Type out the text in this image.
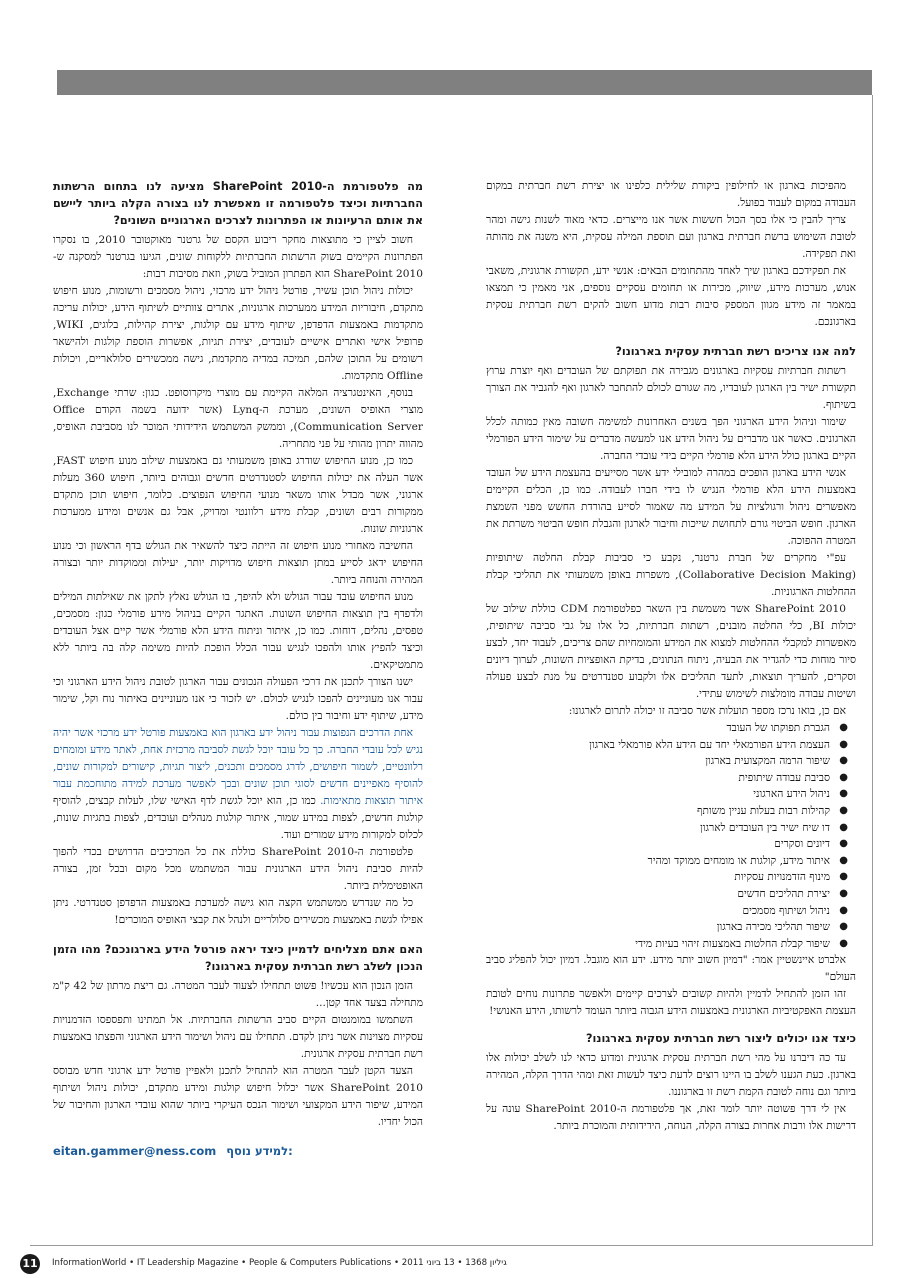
מהפיכות בארגון או לחילופין ביקורת שלילית כלפינו או יצירת רשת חברתית במקום העבודה במקום לעבוד בפועל.

צריך להבין כי אלו בסך הכול חששות אשר אנו מייצרים. כדאי מאוד לשנות גישה ומהר לטובת השימוש ברשת חברתית בארגון ועם תוספת המילה עסקית, היא משנה את מהותה ואת תפקידה.

את תפקידכם בארגון שיך לאחד מהתחומים הבאים: אנשי ידע, תקשורת ארגונית, משאבי אנוש, מערכות מידע, שיווק, מכירות או תחומים עסקיים נוספים, אני מאמין כי תמצאו במאמר זה מידע מגוון המספק סיבות רבות מדוע חשוב להקים רשת חברתית עסקית בארגונכם.

למה אנו צריכים רשת חברתית עסקית בארגונו?

רשתות חברתיות עסקיות בארגונים מגבירה את תפוקתם של העובדים ואף יוצרת ערוץ תקשורת ישיר בין הארגון לעובדיו, מה שגורם לכולם להתחבר לארגון ואף להגביר את הצורך בשיתוף.

שימור וניהול הידע הארגוני הפך בשנים האחרונות למשימה חשובה מאין כמותה לכלל הארגונים. כאשר אנו מדברים על ניהול הידע אנו למעשה מדברים על שימור הידע הפורמלי הקיים בארגון כולל הידע הלא פורמלי הקיים בידי עובדי החברה.

אנשי הידע בארגון הופכים במהרה למובילי ידע אשר מסייעים בהעצמת הידע של העובד באמצעות הידע הלא פורמלי הנגיש לו בידי חברו לעבודה. כמו כן, הכלים הקיימים מאפשרים ניהול ורגולציות על המידע מה שאמור לסייע בהורדת החשש מפני השמצת הארגון. חופש הביטוי גורם לתחושת שייכות וחיבור לארגון והגבלת חופש הביטוי משרתת את המטרה ההפוכה.

עפ"י מחקרים של חברת גרטנר, נקבע כי סביבות קבלת החלטה שיתופיות (Collaborative Decision Making), משפרות באופן משמעותי את תהליכי קבלת ההחלטות הארגוניות.

SharePoint 2010 אשר משמשת בין השאר כפלטפורמת CDM כוללת שילוב של יכולות BI, כלי החלטה מובנים, רשתות חברתיות, כל אלו על גבי סביבה שיתופית, מאפשרות למקבלי ההחלטות למצוא את המידע והמומחיות שהם צריכים, לעבוד יחד, לבצע סיור מוחות כדי להגדיר את הבעיה, ניתוח הנתונים, בדיקת האופציות השונות, לערוך דיונים וסקרים, להעריך תוצאות, לתעד תהליכים אלו ולקבוע סטנדרטים על מנת לבצע פעולה ושיטות עבודה מומלצות לשימוש עתידי.

אם כן, בואו נרכז מספר תועלות אשר סביבה זו יכולה לתרום לארגונו:

●
הגברת תפוקתו של העובד
●
העצמת הידע הפורמאלי יחד עם הידע הלא פורמאלי בארגון
●
שיפור הרמה המקצועית בארגון
●
סביבת עבודה שיתופית
●
ניהול הידע הארגוני
●
קהילות רבות בעלות עניין משותף
●
דו שיח ישיר בין העובדים לארגון
●
דיונים וסקרים
●
איתור מידע, קולגות או מומחים ממוקד ומהיר
●
מינוף הזדמנויות עסקיות
●
יצירת תהליכים חדשים
●
ניהול ושיתוף מסמכים
●
שיפור תהליכי מכירה בארגון
●
שיפור קבלת החלטות באמצעות זיהוי בעיות מידי

אלברט איינשטיין אמר: "דמיון חשוב יותר מידע. ידע הוא מוגבל. דמיון יכול להפליג סביב העולם"

זהו הזמן להתחיל לדמיין ולהיות קשובים לצרכים קיימים ולאפשר פתרונות נוחים לטובת העצמת האפקטיביות הארגונית באמצעות הידע הגבוה ביותר העומד לרשותו, הידע האנושי!

כיצד אנו יכולים ליצור רשת חברתית עסקית בארגונו?

עד כה דיברנו על מהי רשת חברתית עסקית ארגונית ומדוע כדאי לנו לשלב יכולות אלו בארגון. כעת הגענו לשלב בו היינו רוצים לדעת כיצד לעשות זאת ומהי הדרך הקלה, המהירה ביותר וגם נוחה לטובת הקמת רשת זו בארגוננו.

אין לי דרך פשוטה יותר לומר זאת, אך פלטפורמת ה-SharePoint 2010 עונה על דרישות אלו ורבות אחרות בצורה הקלה, הנוחה, הידידותית והמוכרת ביותר.

מה פלטפורמת ה-SharePoint 2010 מציעה לנו בתחום הרשתות החברתיות וכיצד פלטפורמה זו מאפשרת לנו בצורה הקלה ביותר ליישם את אותם הרעיונות או הפתרונות לצרכים הארגוניים השונים?

חשוב לציין כי מתוצאות מחקר ריבוע הקסם של גרטנר מאוקטובר 2010, בו נסקרו הפתרונות הקיימים בשוק הרשתות החברתיות ללקוחות שונים, הגיעו בגרטנר למסקנה ש-SharePoint 2010 הוא הפתרון המוביל בשוק, וזאת מסיבות רבות:

יכולות ניהול תוכן עשיר, פורטל ניהול ידע מרכזי, ניהול מסמכים ורשומות, מנוע חיפוש מתקדם, חיבוריות המידע ממערכות ארגוניות, אתרים צוותיים לשיתוף הידע, יכולות עריכה מתקדמות באמצעות הדפדפן, שיתוף מידע עם קולגות, יצירת קהילות, בלוגים, WIKI, פרופיל אישי ואתרים אישיים לעובדים, יצירת תגיות, אפשרות הוספת קולגות ולהישאר רשומים על התוכן שלהם, תמיכה במדיה מתקדמת, גישה ממכשירים סלולאריים, ויכולות Offline מתקדמות.

בנוסף, האינטגרציה המלאה הקיימת עם מוצרי מיקרוסופט. כגון: שרתי Exchange, מוצרי האופיס השונים, מערכת ה-Lynq (אשר ידועה בשמה הקודם Office Communication Server), וממשק המשתמש הידידותי המוכר לנו מסביבת האופיס, מהווה יתרון מהותי על פני מתחריה.

כמו כן, מנוע החיפוש שודרג באופן משמעותי גם באמצעות שילוב מנוע חיפוש FAST, אשר העלה את יכולות החיפוש לסטנדרטים חדשים וגבוהים ביותר, חיפוש 360 מעלות ארגוני, אשר מבדל אותו משאר מנועי החיפוש הנפוצים. כלומר, חיפוש תוכן מתקדם ממקורות רבים ושונים, קבלת מידע רלוונטי ומדויק, אבל גם אנשים ומידע ממערכות ארגוניות שונות.

החשיבה מאחורי מנוע חיפוש זה הייתה כיצד להשאיר את הגולש בדף הראשון וכי מנוע החיפוש ידאג לסייע במתן תוצאות חיפוש מדויקות יותר, יעילות וממוקדות יותר ובצורה המהירה והנוחה ביותר.

מנוע החיפוש עובד עבור הגולש ולא להיפך, בו הגולש נאלץ לתקן את שאילתות המילים ולדפדף בין תוצאות החיפוש השונות. האתגר הקיים בניהול מידע פורמלי כגון: מסמכים, טפסים, נהלים, דוחות. כמו כן, איתור וניתוח הידע הלא פורמלי אשר קיים אצל העובדים וכיצד להפיץ אותו ולהפכו לנגיש עבור הכלל הופכת להיות משימה קלה בה ביותר ללא מתמטיקאים.

ישנו הצורך לתכנן את דרכי הפעולה הנכונים עבור הארגון לטובת ניהול הידע הארגוני וכי עבור אנו מעוניינים להפכו לנגיש לכולם. יש לזכור כי אנו מעוניינים באיתור נוח וקל, שימור מידע, שיתוף ידע וחיבור בין כולם.

אחת הדרכים הנפוצות עבור ניהול ידע בארגון הוא באמצעות פורטל ידע מרכזי אשר יהיה נגיש לכל עובדי החברה. כך כל עובד יוכל לגשת לסביבה מרכזית אחת, לאתר מידע ומומחים רלוונטיים, לשמור חיפושים, לדרג מסמכים ותכנים, ליצור תגיות, קישורים למקורות שונים, להוסיף מאפיינים חדשים לסוגי תוכן שונים ובכך לאפשר מערכת למידה מתוחכמת עבור איתור תוצאות מתאימות. כמו כן, הוא יוכל לגשת לדף האישי שלו, לעלות קבצים, להוסיף קולגות חדשים, לצפות במידע שמור, איתור קולגות מנהלים ועובדים, לצפות בתגיות שונות, לכלוס למקורות מידע שמורים ועוד.

פלטפורמת ה-SharePoint 2010 כוללת את כל המרכיבים הדרושים בכדי להפוך להיות סביבת ניהול הידע הארגונית עבור המשתמש מכל מקום ובכל זמן, בצורה האופטימלית ביותר.

כל מה שנדרש ממשתמש הקצה הוא גישה למערכת באמצעות הדפדפן סטנדרטי. ניתן אפילו לגשת באמצעות מכשירים סלולריים ולנהל את קבצי האופיס המוכרים!

האם אתם מצליחים לדמיין כיצד יראה פורטל הידע בארגונכם? מהו הזמן הנכון לשלב רשת חברתית עסקית בארגונו?

הזמן הנכון הוא עכשיו! פשוט תתחילו לצעוד לעבר המטרה. גם ריצת מרתון של 42 ק"מ מתחילה בצעד אחד קטן...

השתמשו במומנטום הקיים סביב הרשתות החברתיות. אל תמתינו ותפספסו הזדמנויות עסקיות מצוינות אשר ניתן לקדם. תתחילו עם ניהול ושימור הידע הארגוני והפצתו באמצעות רשת חברתית עסקית ארגונית.

הצעד הקטן לעבר המטרה הוא להתחיל לתכנן ולאפיין פורטל ידע ארגוני חדש מבוסס SharePoint 2010 אשר יכלול חיפוש קולגות ומידע מתקדם, יכולות ניהול ושיתוף המידע, שיפור הידע המקצועי ושימור הנכס העיקרי ביותר שהוא עובדי הארגון והחיבור של הכול יחדיו.

eitan.gammer@ness.com למידע נוסף:
11 InformationWorld • IT Leadership Magazine • People & Computers Publications • 2011 גיליון 1368 • 13 ביוני
